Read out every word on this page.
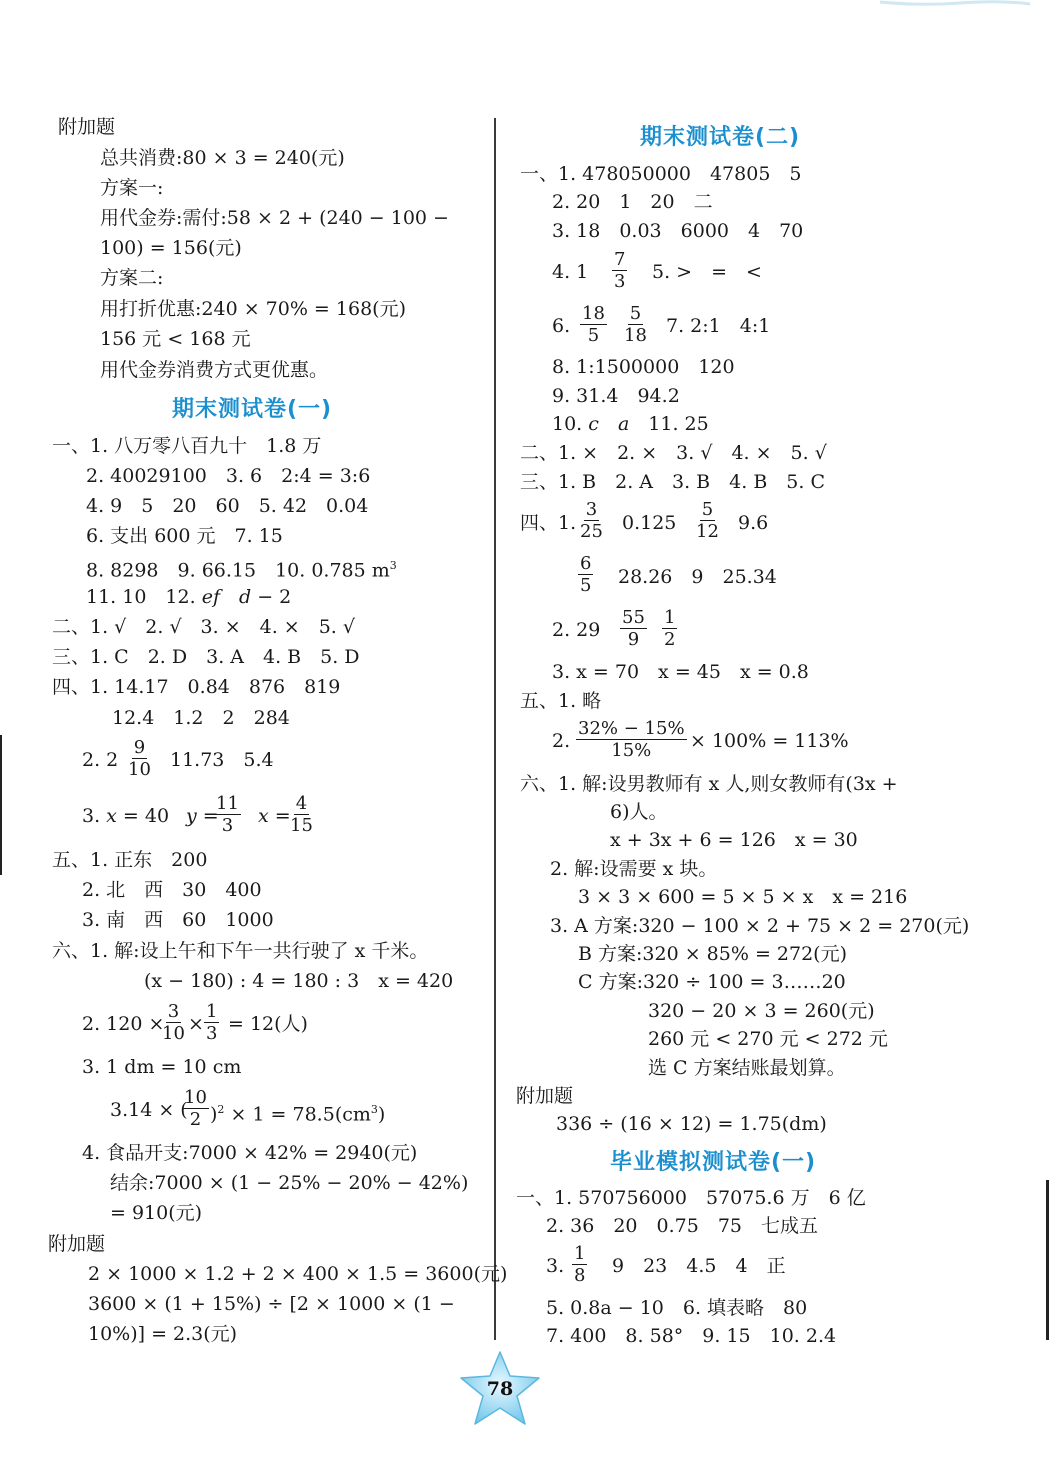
附加题
总共消费:80 × 3 = 240(元)
方案一:
用代金券:需付:58 × 2 + (240 − 100 −
100) = 156(元)
方案二:
用打折优惠:240 × 70% = 168(元)
156 元 < 168 元
用代金券消费方式更优惠。
期末测试卷(一)
一、1. 八万零八百九十　1.8 万
2. 40029100　3. 6　2:4 = 3:6
4. 9　5　20　60　5. 42　0.04
6. 支出 600 元　7. 15
8. 8298　9. 66.15　10. 0.785 $m^3$
11. 10　12. ef　 d − 2
二、1. √　2. √　3. ×　4. ×　5. √
三、1. C　2. D　3. A　4. B　5. D
四、1. 14.17　0.84　876　819
12.4　1.2　2　284
2. $2 \frac{9}{10} 11.73$　5.4
3. x = 40 y =
$\frac{11}{3}$ x =
$\frac{4}{15}$
五、1. 正东　200
2. 北　西　30　400
3. 南　西　60　1000
六、1. 解:设上午和下午一共行驶了 x 千米。
(x − 180) : 4 = 180 : 3　x = 420
2. 120 ×
$\frac{3}{10} \times \frac{1}{3} = 12$(人)
3. 1 dm = 10 cm
3.14 × (
$\frac{10}{2} )^2 \times 1 = 78.5(cm^3)$
4. 食品开支:7000 × 42% = 2940(元)
结余:7000 × (1 − 25% − 20% − 42%)
= 910(元)
附加题
2 × 1000 × 1.2 + 2 × 400 × 1.5 = 3600(元)
3600 × (1 + 15%) ÷ [2 × 1000 × (1 −
10%)] = 2.3(元)
期末测试卷(二)
一、1. 478050000　47805　5
2. 20　1　20　二
3. 18　0.03　6000　4　70
4. $1 \frac{7}{3} 5$. >　=　<
6. $\frac{18}{5} \frac{5}{18} 7$. 2:1　4:1
8. 1:1500000　120
9. 31.4　94.2
10. c　 a　11. 25
二、1. ×　2. ×　3. √　4. ×　5. √
三、1. B　2. A　3. B　4. B　5. C
四、1. $\frac{3}{25} 0.125 \frac{5}{12} 9.6$
$\frac{6}{5} 28.26$　9　25.34
2. $29 \frac{55}{9} \frac{1}{2}$
3. x = 70　x = 45　x = 0.8
五、1. 略
2. $\frac{32\% - 15\%}{15\%} \times 100\% = 113\%$
六、1. 解:设男教师有 x 人,则女教师有(3x +
6)人。
x + 3x + 6 = 126　x = 30
2. 解:设需要 x 块。
3 × 3 × 600 = 5 × 5 × x　x = 216
3. A 方案:320 − 100 × 2 + 75 × 2 = 270(元)
B 方案:320 × 85% = 272(元)
C 方案:320 ÷ 100 = 3……20
320 − 20 × 3 = 260(元)
260 元 < 270 元 < 272 元
选 C 方案结账最划算。
附加题
336 ÷ (16 × 12) = 1.75(dm)
毕业模拟测试卷(一)
一、1. 570756000　57075.6 万　6 亿
2. 36　20　0.75　75　七成五
3. $\frac{1}{8} 9$　23　4.5　4　正
5. 0.8a − 10　6. 填表略　80
7. 400　8. 58°　9. 15　10. 2.4
78
